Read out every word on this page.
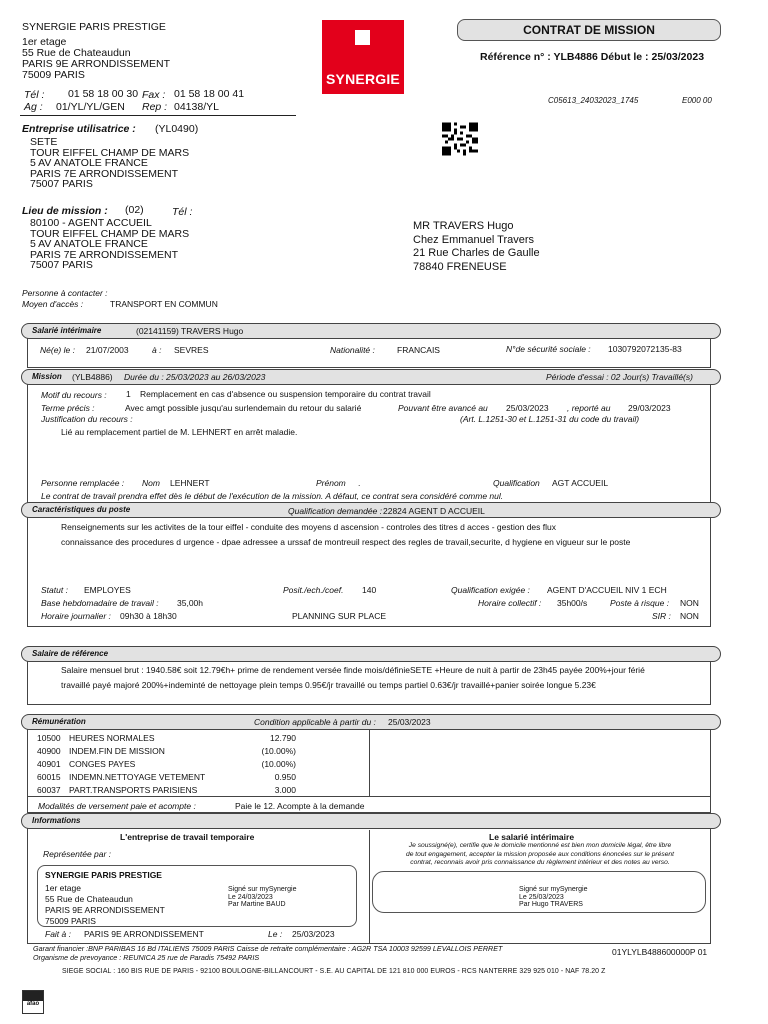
SYNERGIE PARIS PRESTIGE
1er etage
55 Rue de Chateaudun
PARIS 9E ARRONDISSEMENT
75009 PARIS
Tél : 01 58 18 00 30 Fax : 01 58 18 00 41
Ag : 01/YL/YL/GEN Rep : 04138/YL
SYNERGIE
CONTRAT DE MISSION
Référence n° : YLB4886 Début le : 25/03/2023
C05613_24032023_1745	E000 00
Entreprise utilisatrice : (YL0490)
SETE
TOUR EIFFEL CHAMP DE MARS
5 AV ANATOLE FRANCE
PARIS 7E ARRONDISSEMENT
75007 PARIS
Lieu de mission : (02)	Tél :
80100 - AGENT ACCUEIL
TOUR EIFFEL CHAMP DE MARS
5 AV ANATOLE FRANCE
PARIS 7E ARRONDISSEMENT
75007 PARIS
MR TRAVERS Hugo
Chez Emmanuel Travers
21 Rue Charles de Gaulle
78840 FRENEUSE
Personne à contacter :
Moyen d'accès :	TRANSPORT EN COMMUN
Salarié intérimaire	(02141159) TRAVERS Hugo
Né(e) le : 21/07/2003	à : SEVRES	Nationalité :	FRANCAIS	N°de sécurité sociale : 1030792072135-83
Mission (YLB4886) Durée du : 25/03/2023 au 26/03/2023	Période d'essai : 02 Jour(s) Travaillé(s)
Motif du recours : 1 Remplacement en cas d'absence ou suspension temporaire du contrat travail
Terme précis :	Avec amgt possible jusqu'au surlendemain du retour du salarié	Pouvant être avancé au 25/03/2023 , reporté au 29/03/2023
Justification du recours :	(Art. L.1251-30 et L.1251-31 du code du travail)
Lié au remplacement partiel de M. LEHNERT en arrêt maladie.
Personne remplacée : Nom LEHNERT	Prénom .	Qualification AGT ACCUEIL
Le contrat de travail prendra effet dès le début de l'exécution de la mission. A défaut, ce contrat sera considéré comme nul.
Caractéristiques du poste	Qualification demandée : 22824 AGENT D ACCUEIL
Renseignements sur les activites de la tour eiffel - conduite des moyens d ascension - controles des titres d acces - gestion des flux
connaissance des procedures d urgence - dpae adressee a urssaf de montreuil respect des regles de travail,securite, d hygiene en vigueur sur le poste
Statut : EMPLOYES	Posit./ech./coef. 140	Qualification exigée : AGENT D'ACCUEIL NIV 1 ECH
Base hebdomadaire de travail : 35,00h	Horaire collectif : 35h00/s	Poste à risque : NON
Horaire journalier : 09h30 à 18h30	PLANNING SUR PLACE	SIR : NON
Salaire de référence
Salaire mensuel brut : 1940.58€ soit 12.79€h+ prime de rendement versée finde mois/définieSETE +Heure de nuit à partir de 23h45 payée 200%+jour férié
travaillé payé majoré 200%+indeminté de nettoyage plein temps 0.95€/jr travaillé ou temps partiel 0.63€/jr travaillé+panier soirée longue 5.23€
Rémunération	Condition applicable à partir du : 25/03/2023
10500 HEURES NORMALES	12.790
40900 INDEM.FIN DE MISSION	(10.00%)
40901 CONGES PAYES	(10.00%)
60015 INDEMN.NETTOYAGE VETEMENT	0.950
60037 PART.TRANSPORTS PARISIENS	3.000
Modalités de versement paie et acompte :	Paie le 12. Acompte à la demande
Informations
L'entreprise de travail temporaire
Représentée par :
SYNERGIE PARIS PRESTIGE
1er etage
55 Rue de Chateaudun
PARIS 9E ARRONDISSEMENT
75009 PARIS
Signé sur mySynergie
Le 24/03/2023
Par Martine BAUD
Fait à : PARIS 9E ARRONDISSEMENT	Le : 25/03/2023
Le salarié intérimaire
Je soussigné(e), certifie que le domicile mentionné est bien mon domicile légal, être libre
de tout engagement, accepter la mission proposée aux conditions énoncées sur le présent
contrat, reconnais avoir pris connaissance du règlement intérieur et des notes au verso.
Signé sur mySynergie
Le 25/03/2023
Par Hugo TRAVERS
Garant financier :BNP PARIBAS 16 Bd ITALIENS 75009 PARIS Caisse de retraite complémentaire : AG2R TSA 10003 92599 LEVALLOIS PERRET
Organisme de prevoyance : REUNICA 25 rue de Paradis 75492 PARIS
01YLYLB488600000P 01
afao
SIEGE SOCIAL : 160 BIS RUE DE PARIS - 92100 BOULOGNE-BILLANCOURT - S.E. AU CAPITAL DE 121 810 000 EUROS - RCS NANTERRE 329 925 010 - NAF 78.20 Z
